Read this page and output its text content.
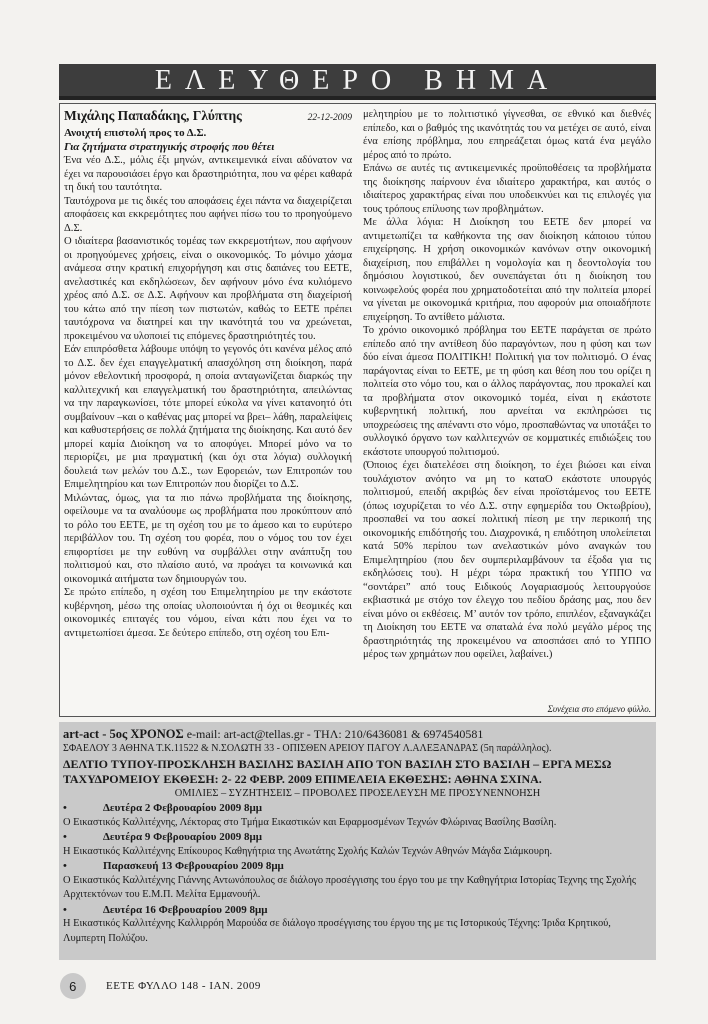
ΕΛΕΥΘΕΡΟ ΒΗΜΑ
Μιχάλης Παπαδάκης, Γλύπτης	22-12-2009
Ανοιχτή επιστολή προς το Δ.Σ.
Για ζητήματα στρατηγικής στροφής που θέτει

Ένα νέο Δ.Σ., μόλις έξι μηνών, αντικειμενικά είναι αδύνατον να έχει να παρουσιάσει έργο και δραστηριότητα, που να φέρει καθαρά τη δική του ταυτότητα.

Ταυτόχρονα με τις δικές του αποφάσεις έχει πάντα να διαχειρίζεται αποφάσεις και εκκρεμότητες που αφήνει πίσω του το προηγούμενο Δ.Σ.

Ο ιδιαίτερα βασανιστικός τομέας των εκκρεμοτήτων, που αφήνουν οι προηγούμενες χρήσεις, είναι ο οικονομικός. Το μόνιμο χάσμα ανάμεσα στην κρατική επιχορήγηση και στις δαπάνες του ΕΕΤΕ, ανελαστικές και εκδηλώσεων, δεν αφήνουν μόνο ένα κυλιόμενο χρέος από Δ.Σ. σε Δ.Σ. Αφήνουν και προβλήματα στη διαχείρισή του κάτω από την πίεση των πιστωτών, καθώς το ΕΕΤΕ πρέπει ταυτόχρονα να διατηρεί και την ικανότητά του να χρεώνεται, προκειμένου να υλοποιεί τις επόμενες δραστηριότητές του.

Εάν επιπρόσθετα λάβουμε υπόψη το γεγονός ότι κανένα μέλος από το Δ.Σ. δεν έχει επαγγελματική απασχόληση στη διοίκηση, παρά μόνον εθελοντική προσφορά, η οποία ανταγωνίζεται διαρκώς την καλλιτεχνική και επαγγελματική του δραστηριότητα, απειλώντας να την παραγκωνίσει, τότε μπορεί εύκολα να γίνει κατανοητό ότι συμβαίνουν –και ο καθένας μας μπορεί να βρει– λάθη, παραλείψεις και καθυστερήσεις σε πολλά ζητήματα της διοίκησης. Και αυτό δεν μπορεί καμία Διοίκηση να το αποφύγει. Μπορεί μόνο να το περιορίζει, με μια πραγματική (και όχι στα λόγια) συλλογική δουλειά των μελών του Δ.Σ., των Εφορειών, των Επιτροπών του Επιμελητηρίου και των Επιτροπών που διορίζει το Δ.Σ.

Μιλώντας, όμως, για τα πιο πάνω προβλήματα της διοίκησης, οφείλουμε να τα αναλύουμε ως προβλήματα που προκύπτουν από το ρόλο του ΕΕΤΕ, με τη σχέση του με το άμεσο και το ευρύτερο περιβάλλον του. Τη σχέση του φορέα, που ο νόμος του τον έχει επιφορτίσει με την ευθύνη να συμβάλλει στην ανάπτυξη του πολιτισμού και, στο πλαίσιο αυτό, να προάγει τα κοινωνικά και οικονομικά αιτήματα των δημιουργών του.

Σε πρώτο επίπεδο, η σχέση του Επιμελητηρίου με την εκάστοτε κυβέρνηση, μέσω της οποίας υλοποιούνται ή όχι οι θεσμικές και οικονομικές επιταγές του νόμου, είναι κάτι που έχει να το αντιμετωπίσει άμεσα. Σε δεύτερο επίπεδο, στη σχέση του Επι-

μελητηρίου με το πολιτιστικό γίγνεσθαι, σε εθνικό και διεθνές επίπεδο, και ο βαθμός της ικανότητάς του να μετέχει σε αυτό, είναι ένα επίσης πρόβλημα, που επηρεάζεται όμως κατά ένα μεγάλο μέρος από το πρώτο.

Επάνω σε αυτές τις αντικειμενικές προϋποθέσεις τα προβλήματα της διοίκησης παίρνουν ένα ιδιαίτερο χαρακτήρα, και αυτός ο ιδιαίτερος χαρακτήρας είναι που υποδεικνύει και τις επιλογές για τους τρόπους επίλυσης των προβλημάτων.

Με άλλα λόγια: Η Διοίκηση του ΕΕΤΕ δεν μπορεί να αντιμετωπίζει τα καθήκοντα της σαν διοίκηση κάποιου τύπου επιχείρησης. Η χρήση οικονομικών κανόνων στην οικονομική διαχείριση, που επιβάλλει η νομολογία και η δεοντολογία του δημόσιου λογιστικού, δεν συνεπάγεται ότι η διοίκηση του κοινωφελούς φορέα που χρηματοδοτείται από την πολιτεία μπορεί να γίνεται με οικονομικά κριτήρια, που αφορούν μια οποιαδήποτε επιχείρηση. Το αντίθετο μάλιστα.

Το χρόνιο οικονομικό πρόβλημα του ΕΕΤΕ παράγεται σε πρώτο επίπεδο από την αντίθεση δύο παραγόντων, που η φύση και των δύο είναι άμεσα ΠΟΛΙΤΙΚΗ! Πολιτική για τον πολιτισμό. Ο ένας παράγοντας είναι το ΕΕΤΕ, με τη φύση και θέση που του ορίζει η πολιτεία στο νόμο του, και ο άλλος παράγοντας, που προκαλεί και τα προβλήματα στον οικονομικό τομέα, είναι η εκάστοτε κυβερνητική πολιτική, που αρνείται να εκπληρώσει τις υποχρεώσεις της απέναντι στο νόμο, προσπαθώντας να υποτάξει το συλλογικό όργανο των καλλιτεχνών σε κομματικές επιδιώξεις του εκάστοτε υπουργού πολιτισμού.

(Όποιος έχει διατελέσει στη διοίκηση, το έχει βιώσει και είναι τουλάχιστον ανόητο να μη το καταΟ εκάστοτε υπουργός πολιτισμού, επειδή ακριβώς δεν είναι προϊστάμενος του ΕΕΤΕ (όπως ισχυρίζεται το νέο Δ.Σ. στην εφημερίδα του Οκτωβρίου), προσπαθεί να του ασκεί πολιτική πίεση με την περικοπή της οικονομικής επιδότησής του. Διαχρονικά, η επιδότηση υπολείπεται κατά 50% περίπου των ανελαστικών μόνο αναγκών του Επιμελητηρίου (που δεν συμπεριλαμβάνουν τα έξοδα για τις εκδηλώσεις του). Η μέχρι τώρα πρακτική του ΥΠΠΟ να “σοντάρει” από τους Ειδικούς Λογαριασμούς λειτουργούσε εκβιαστικά με στόχο τον έλεγχο του πεδίου δράσης μας, που δεν είναι μόνο οι εκθέσεις. Μ’ αυτόν τον τρόπο, επιπλέον, εξαναγκάζει τη Διοίκηση του ΕΕΤΕ να σπαταλά ένα πολύ μεγάλο μέρος της δραστηριότητάς της προκειμένου να αποσπάσει από το ΥΠΠΟ μέρος των χρημάτων που οφείλει, λαβαίνει.)

Συνέχεια στο επόμενο φύλλο.
art-act - 5ος ΧΡΟΝΟΣ e-mail: art-act@tellas.gr - ΤΗΛ: 210/6436081 & 6974540581
ΣΦΑΕΛΟΥ 3 ΑΘΗΝΑ Τ.Κ.11522 & Ν.ΣΟΛΩΤΗ 33 - ΟΠΙΣΘΕΝ ΑΡΕΙΟΥ ΠΑΓΟΥ Λ.ΑΛΕΞΑΝΔΡΑΣ (5η παράλληλος).
ΔΕΛΤΙΟ ΤΥΠΟΥ-ΠΡΟΣΚΛΗΣΗ ΒΑΣΙΛΗΣ ΒΑΣΙΛΗ ΑΠΟ ΤΟΝ ΒΑΣΙΛΗ ΣΤΟ ΒΑΣΙΛΗ – ΕΡΓΑ ΜΕΣΩ ΤΑΧΥΔΡΟΜΕΙΟΥ ΕΚΘΕΣΗ: 2- 22 ΦΕΒΡ. 2009 ΕΠΙΜΕΛΕΙΑ ΕΚΘΕΣΗΣ: ΑΘΗΝΑ ΣΧΙΝΑ.
ΟΜΙΛΙΕΣ – ΣΥΖΗΤΗΣΕΙΣ – ΠΡΟΒΟΛΕΣ ΠΡΟΣΕΛΕΥΣΗ ΜΕ ΠΡΟΣΥΝΕΝΝΟΗΣΗ
•	Δευτέρα 2 Φεβρουαρίου 2009 8μμ
Ο Εικαστικός Καλλιτέχνης, Λέκτορας στο Τμήμα Εικαστικών και Εφαρμοσμένων Τεχνών Φλώρινας Βασίλης Βασίλη.
•	Δευτέρα 9 Φεβρουαρίου 2009 8μμ
Η Εικαστικός Καλλιτέχνης Επίκουρος Καθηγήτρια της Ανωτάτης Σχολής Καλών Τεχνών Αθηνών Μάγδα Σιάμκουρη.
•	Παρασκευή 13 Φεβρουαρίου 2009 8μμ
Ο Εικαστικός Καλλιτέχνης Γιάννης Αντωνόπουλος σε διάλογο προσέγγισης του έργο του με την Καθηγήτρια Ιστορίας Τεχνης της Σχολής Αρχιτεκτόνων του Ε.Μ.Π. Μελίτα Εμμανουήλ.
•	Δευτέρα 16 Φεβρουαρίου 2009 8μμ
Η Εικαστικός Καλλιτέχνης Καλλιρρόη Μαρούδα σε διάλογο προσέγγισης του έργου της με τις Ιστορικούς Τέχνης: Ίριδα Κρητικού, Λυμπερτη Πολύζου.
6	ΕΕΤΕ ΦΥΛΛΟ 148 - ΙΑΝ. 2009
